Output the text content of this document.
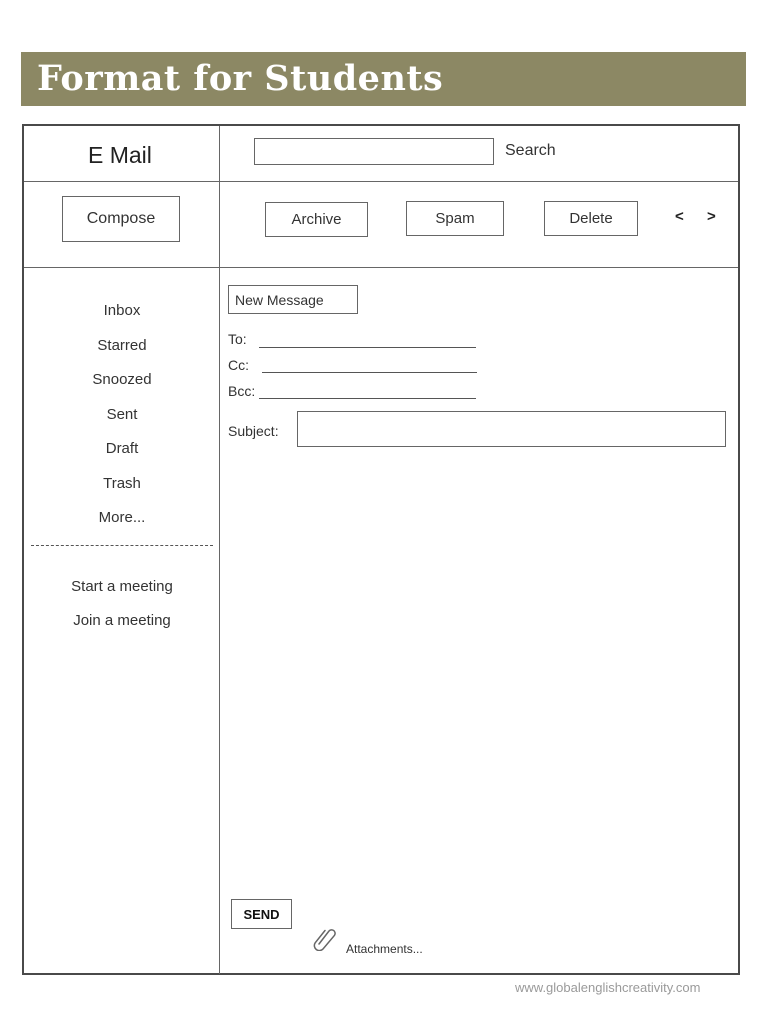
Format for Students
E Mail	Search
Compose	Archive	Spam	Delete	< >
Inbox
Starred
Snoozed
Sent
Draft
Trash
More...
Start a meeting
Join a meeting
New Message
To:
Cc:
Bcc:
Subject:
SEND
Attachments...
www.globalenglishcreativity.com
